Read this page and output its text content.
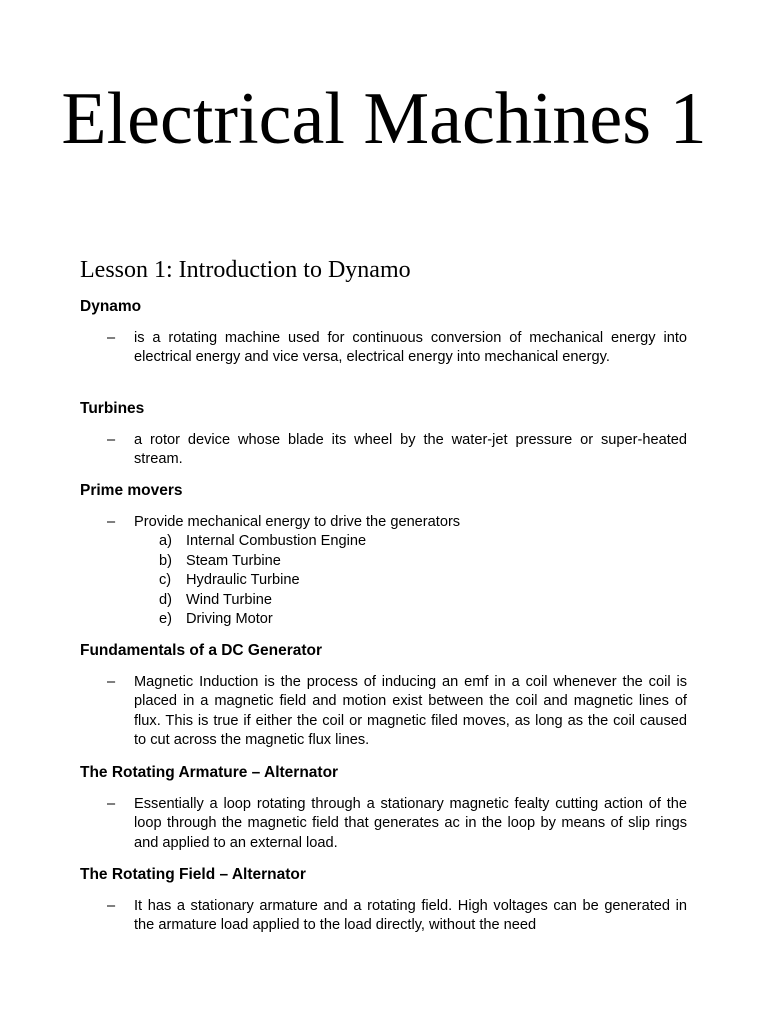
Electrical Machines 1
Lesson 1: Introduction to Dynamo

Dynamo

– is a rotating machine used for continuous conversion of mechanical energy into electrical energy and vice versa, electrical energy into mechanical energy.

Turbines

– a rotor device whose blade its wheel by the water-jet pressure or super-heated stream.

Prime movers

– Provide mechanical energy to drive the generators
a) Internal Combustion Engine
b) Steam Turbine
c) Hydraulic Turbine
d) Wind Turbine
e) Driving Motor

Fundamentals of a DC Generator

– Magnetic Induction is the process of inducing an emf in a coil whenever the coil is placed in a magnetic field and motion exist between the coil and magnetic lines of flux. This is true if either the coil or magnetic filed moves, as long as the coil caused to cut across the magnetic flux lines.

The Rotating Armature – Alternator

– Essentially a loop rotating through a stationary magnetic fealty cutting action of the loop through the magnetic field that generates ac in the loop by means of slip rings and applied to an external load.

The Rotating Field – Alternator

– It has a stationary armature and a rotating field. High voltages can be generated in the armature load applied to the load directly, without the need
